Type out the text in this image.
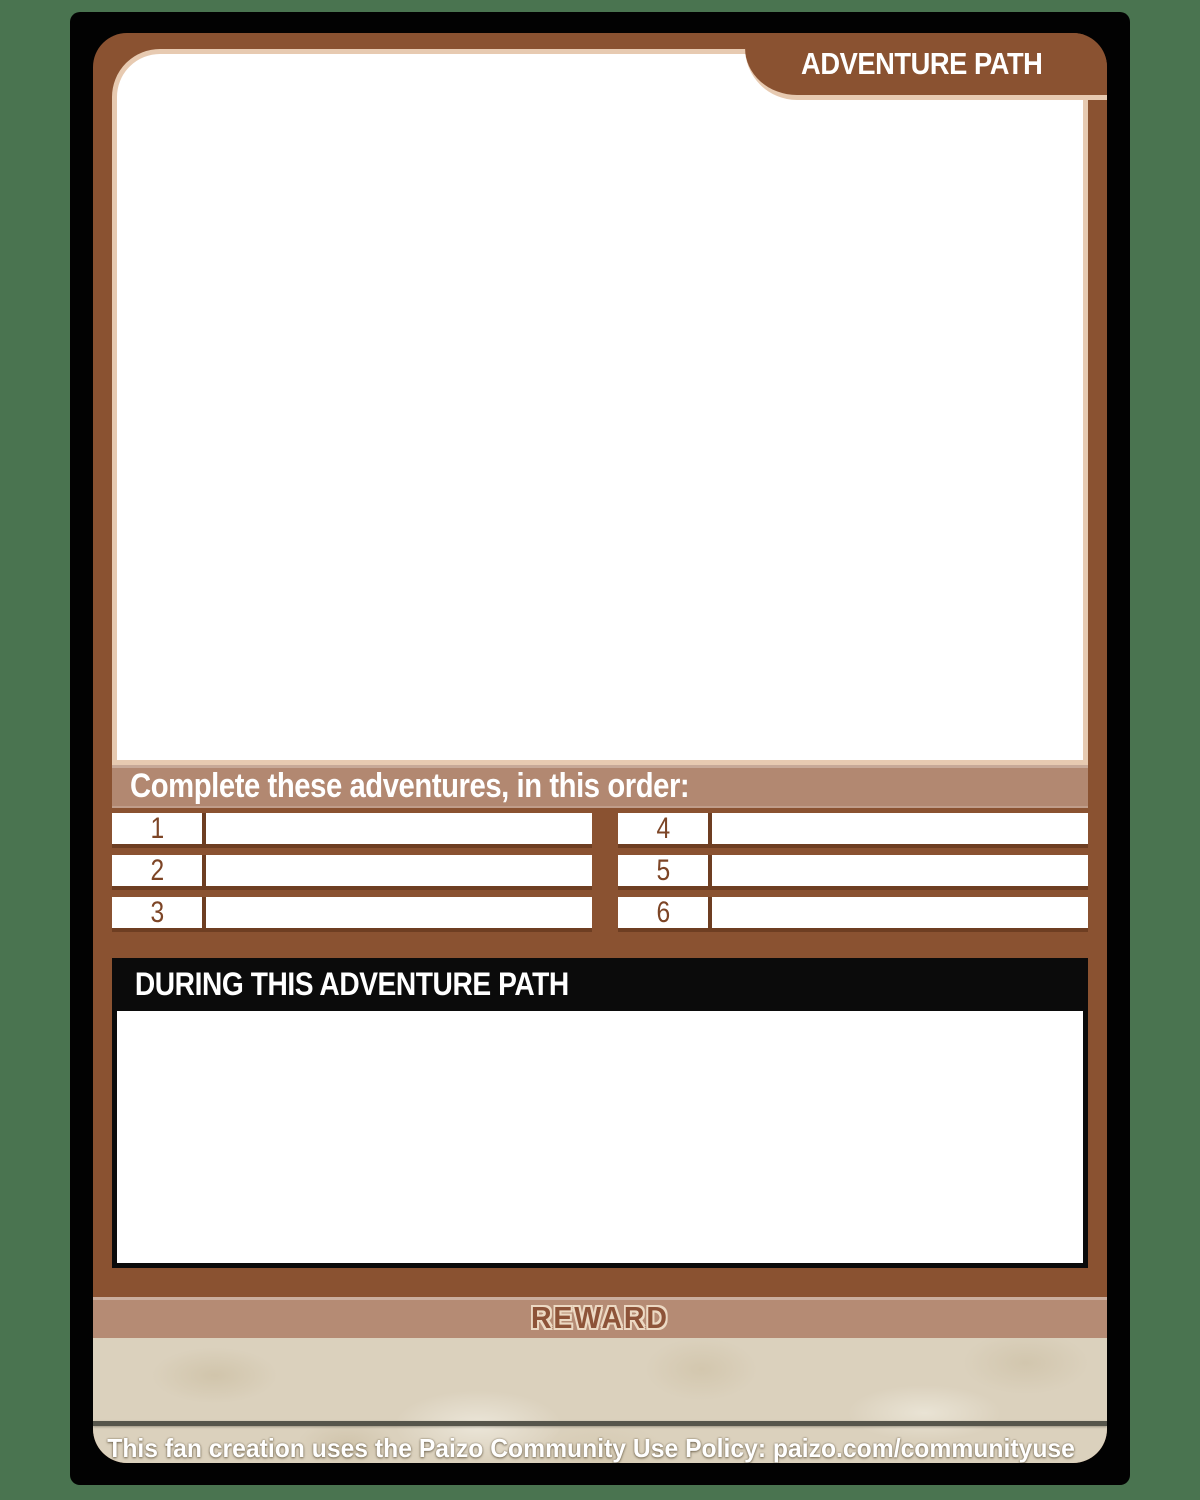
ADVENTURE PATH
Complete these adventures, in this order:
1
2
3
4
5
6
DURING THIS ADVENTURE PATH
REWARD
This fan creation uses the Paizo Community Use Policy: paizo.com/communityuse
